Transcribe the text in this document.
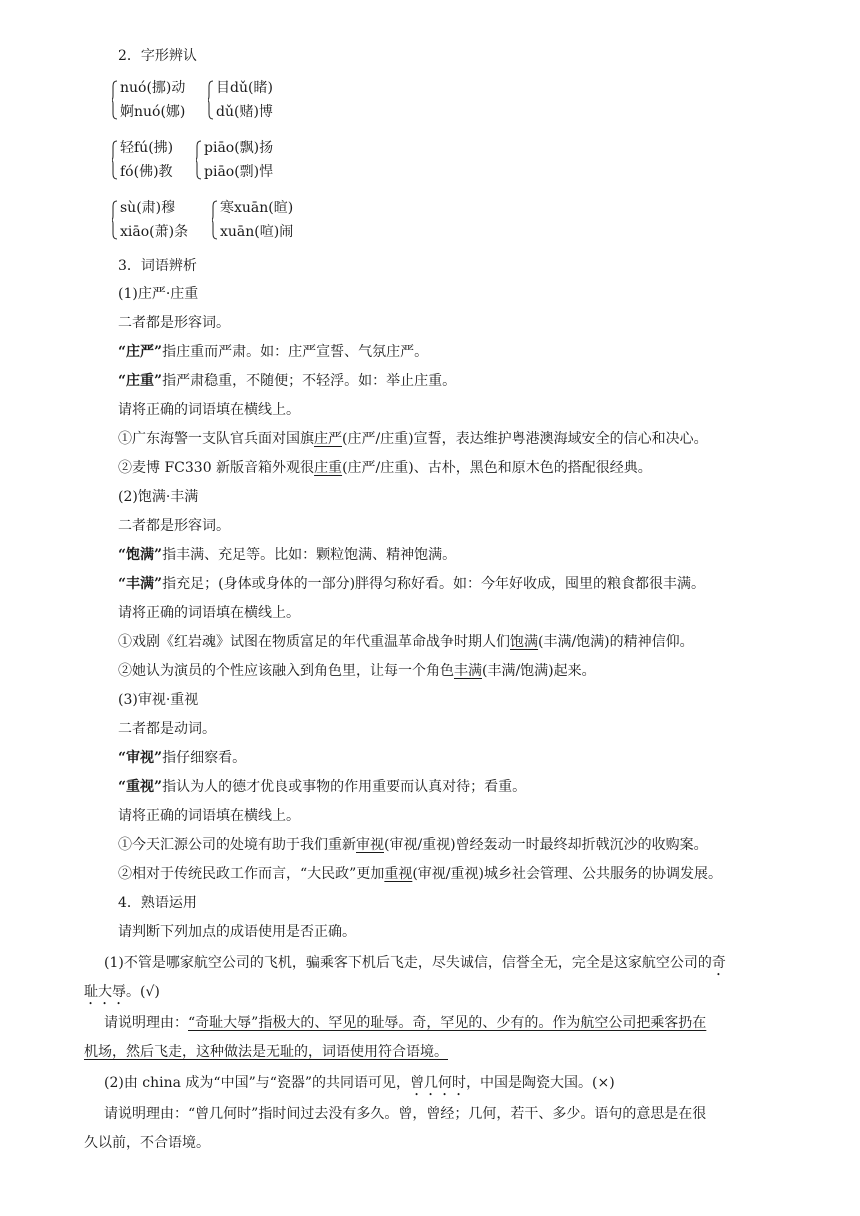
2．字形辨认
nuó(挪)动
婀nuó(娜)
目dǔ(睹)
dǔ(赌)博
轻fú(拂)
fó(佛)教
piāo(飘)扬
piāo(剽)悍
sù(肃)穆
xiāo(萧)条
寒xuān(暄)
xuān(喧)闹
3．词语辨析
(1)庄严·庄重
二者都是形容词。
“庄严”指庄重而严肃。如：庄严宣誓、气氛庄严。
“庄重”指严肃稳重，不随便；不轻浮。如：举止庄重。
请将正确的词语填在横线上。
①广东海警一支队官兵面对国旗庄严(庄严/庄重)宣誓，表达维护粤港澳海域安全的信心和决心。
②麦博 FC330 新版音箱外观很庄重(庄严/庄重)、古朴，黑色和原木色的搭配很经典。
(2)饱满·丰满
二者都是形容词。
“饱满”指丰满、充足等。比如：颗粒饱满、精神饱满。
“丰满”指充足；(身体或身体的一部分)胖得匀称好看。如：今年好收成，囤里的粮食都很丰满。
请将正确的词语填在横线上。
①戏剧《红岩魂》试图在物质富足的年代重温革命战争时期人们饱满(丰满/饱满)的精神信仰。
②她认为演员的个性应该融入到角色里，让每一个角色丰满(丰满/饱满)起来。
(3)审视·重视
二者都是动词。
“审视”指仔细察看。
“重视”指认为人的德才优良或事物的作用重要而认真对待；看重。
请将正确的词语填在横线上。
①今天汇源公司的处境有助于我们重新审视(审视/重视)曾经轰动一时最终却折戟沉沙的收购案。
②相对于传统民政工作而言，“大民政”更加重视(审视/重视)城乡社会管理、公共服务的协调发展。
4．熟语运用
请判断下列加点的成语使用是否正确。
(1)不管是哪家航空公司的飞机，骗乘客下机后飞走，尽失诚信，信誉全无，完全是这家航空公司的奇
耻大辱。(√)
请说明理由：“奇耻大辱”指极大的、罕见的耻辱。奇，罕见的、少有的。作为航空公司把乘客扔在
机场，然后飞走，这种做法是无耻的，词语使用符合语境。
(2)由 china 成为“中国”与“瓷器”的共同语可见，曾几何时，中国是陶瓷大国。(×)
请说明理由：“曾几何时”指时间过去没有多久。曾，曾经；几何，若干、多少。语句的意思是在很
久以前，不合语境。
